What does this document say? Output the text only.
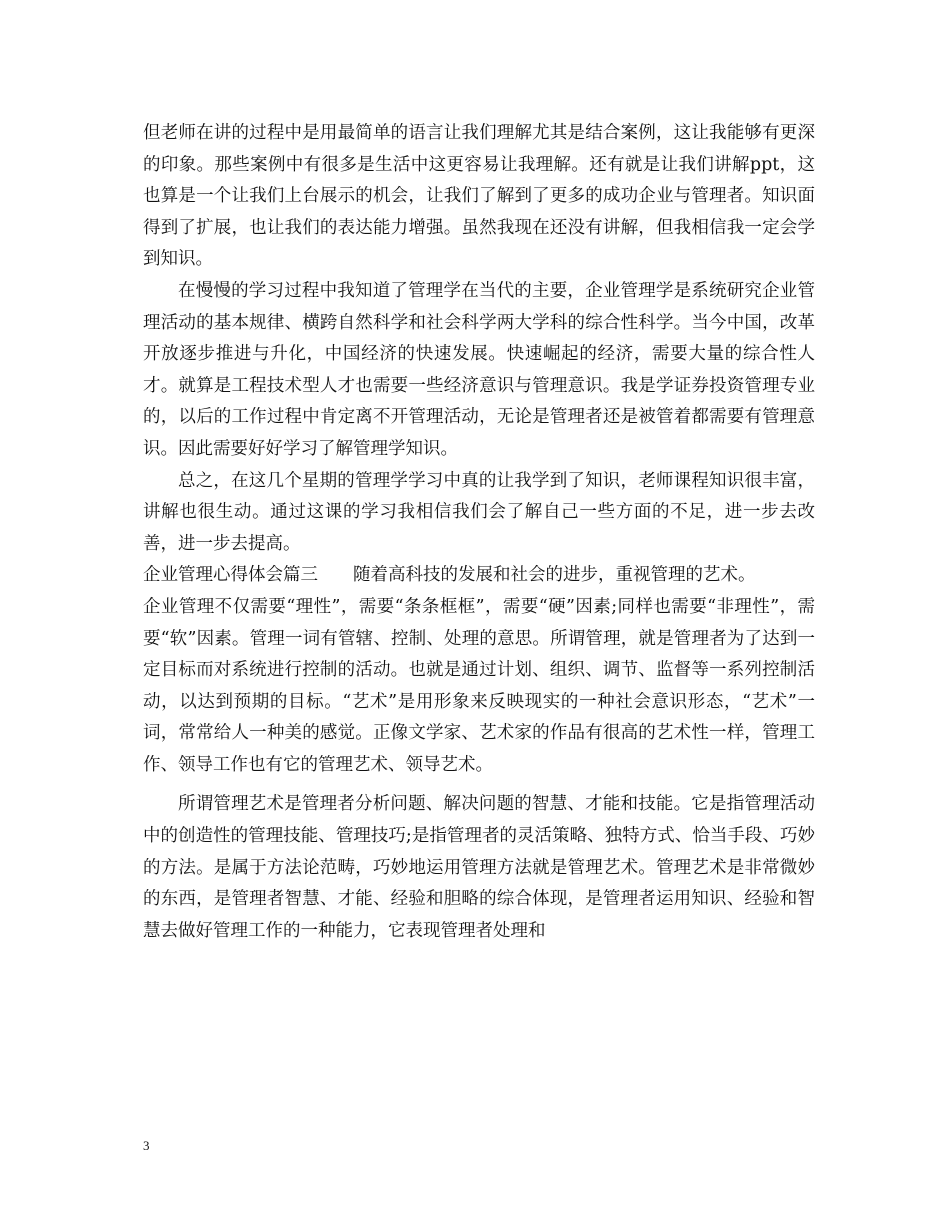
但老师在讲的过程中是用最简单的语言让我们理解尤其是结合案例，这让我能够有更深的印象。那些案例中有很多是生活中这更容易让我理解。还有就是让我们讲解ppt，这也算是一个让我们上台展示的机会，让我们了解到了更多的成功企业与管理者。知识面得到了扩展，也让我们的表达能力增强。虽然我现在还没有讲解，但我相信我一定会学到知识。

在慢慢的学习过程中我知道了管理学在当代的主要，企业管理学是系统研究企业管理活动的基本规律、横跨自然科学和社会科学两大学科的综合性科学。当今中国，改革开放逐步推进与升化，中国经济的快速发展。快速崛起的经济，需要大量的综合性人才。就算是工程技术型人才也需要一些经济意识与管理意识。我是学证券投资管理专业的，以后的工作过程中肯定离不开管理活动，无论是管理者还是被管着都需要有管理意识。因此需要好好学习了解管理学知识。

总之，在这几个星期的管理学学习中真的让我学到了知识，老师课程知识很丰富，讲解也很生动。通过这课的学习我相信我们会了解自己一些方面的不足，进一步去改善，进一步去提高。

企业管理心得体会篇三　　随着高科技的发展和社会的进步，重视管理的艺术。

企业管理不仅需要“理性”，需要“条条框框”，需要“硬”因素;同样也需要“非理性”，需要“软”因素。管理一词有管辖、控制、处理的意思。所谓管理，就是管理者为了达到一定目标而对系统进行控制的活动。也就是通过计划、组织、调节、监督等一系列控制活动，以达到预期的目标。“艺术”是用形象来反映现实的一种社会意识形态，“艺术”一词，常常给人一种美的感觉。正像文学家、艺术家的作品有很高的艺术性一样，管理工作、领导工作也有它的管理艺术、领导艺术。

所谓管理艺术是管理者分析问题、解决问题的智慧、才能和技能。它是指管理活动中的创造性的管理技能、管理技巧;是指管理者的灵活策略、独特方式、恰当手段、巧妙的方法。是属于方法论范畴，巧妙地运用管理方法就是管理艺术。管理艺术是非常微妙的东西，是管理者智慧、才能、经验和胆略的综合体现，是管理者运用知识、经验和智慧去做好管理工作的一种能力，它表现管理者处理和

3
